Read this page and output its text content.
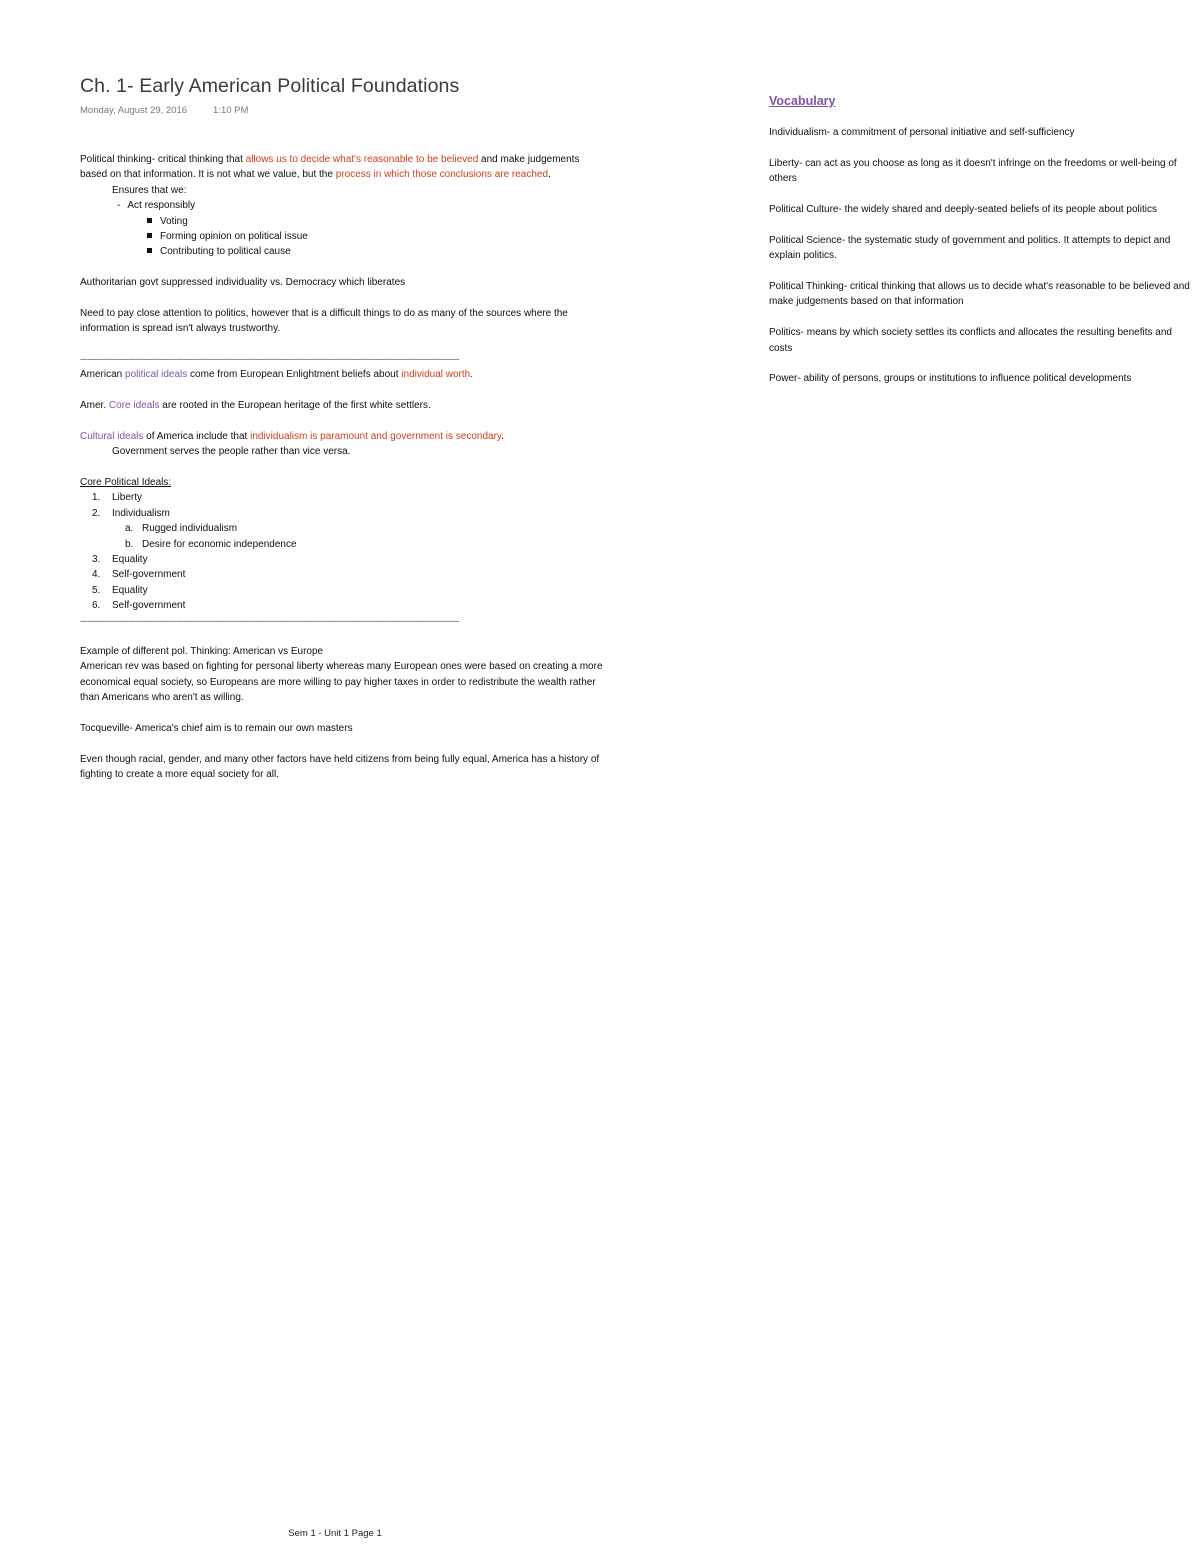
Ch. 1- Early American Political Foundations
Monday, August 29, 2016	1:10 PM

Political thinking- critical thinking that allows us to decide what's reasonable to be believed and make judgements based on that information. It is not what we value, but the process in which those conclusions are reached.

Ensures that we:

- Act responsibly

Voting

Forming opinion on political issue

Contributing to political cause

Authoritarian govt suppressed individuality vs. Democracy which liberates

Need to pay close attention to politics, however that is a difficult things to do as many of the sources where the information is spread isn't always trustworthy.

--------------------------------------------------------------------------------------------------------------------------------------------------------------

American political ideals come from European Enlightment beliefs about individual worth.

Amer. Core ideals are rooted in the European heritage of the first white settlers.

Cultural ideals of America include that individualism is paramount and government is secondary.

Government serves the people rather than vice versa.

Core Political Ideals:

1. Liberty

2. Individualism

a. Rugged individualism

b. Desire for economic independence

3. Equality

4. Self-government

5. Equality

6. Self-government

--------------------------------------------------------------------------------------------------------------------------------------------------------------

Example of different pol. Thinking: American vs Europe

American rev was based on fighting for personal liberty whereas many European ones were based on creating a more economical equal society, so Europeans are more willing to pay higher taxes in order to redistribute the wealth rather than Americans who aren't as willing.

Tocqueville- America's chief aim is to remain our own masters

Even though racial, gender, and many other factors have held citizens from being fully equal, America has a history of fighting to create a more equal society for all.

Vocabulary

Individualism- a commitment of personal initiative and self-sufficiency

Liberty- can act as you choose as long as it doesn't infringe on the freedoms or well-being of others

Political Culture- the widely shared and deeply-seated beliefs of its people about politics

Political Science- the systematic study of government and politics. It attempts to depict and explain politics.

Political Thinking- critical thinking that allows us to decide what's reasonable to be believed and make judgements based on that information

Politics- means by which society settles its conflicts and allocates the resulting benefits and costs

Power- ability of persons, groups or institutions to influence political developments

Sem 1 - Unit 1 Page 1
